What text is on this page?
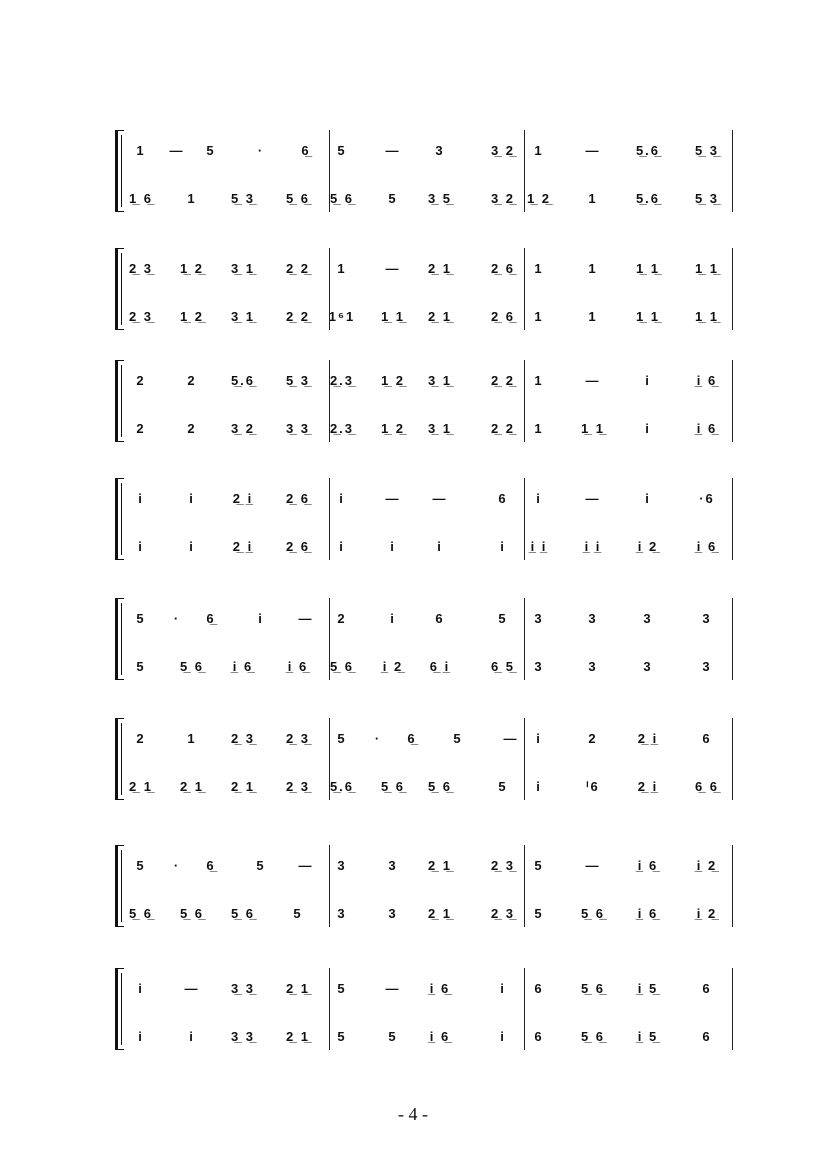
1	—	5	·	6̲	5	—	3	3̲ 2̲	1	—	5̲.6̲	5̲ 3̲
1̲ 6̲	1	5̲ 3̲	5̲ 6̲	5̲ 6̲	5	3̲ 5̲	3̲ 2̲ 1̲ 2̲	1	5̲.6̲	5̲ 3̲
2̲ 3̲	1̲ 2̲	3̲ 1̲	2̲ 2̲	1	—	2̲ 1̲	2̲ 6̲	1	1	1̲ 1̲	1̲ 1̲
2̲ 3̲	1̲ 2̲	3̲ 1̲	2̲ 2̲	1⁶1	1̲ 1̲	2̲ 1̲	2̲ 6̲	1	1	1̲ 1̲	1̲ 1̲
2	2	5̲.6̲	5̲ 3̲	2̲.3̲	1̲ 2̲	3̲ 1̲	2̲ 2̲	1	—	i	i̲ 6̲
2	2	3̲ 2̲	3̲ 3̲	2̲.3̲	1̲ 2̲	3̲ 1̲	2̲ 2̲	1	1̲ 1̲	i	i̲ 6̲
i	i	2̲ i̲	2̲ 6̲	i	—	—	6	i	—	i	·6
i	i	2̲ i̲	2̲ 6̲	i	i	i	i	i̲ i̲	i̲ i̲	i̲ 2̲	i̲ 6̲
5	·	6̲	i	—	2	i	6	5	3	3	3	3
5	5̲ 6̲	i̲ 6̲	i̲ 6̲	5̲ 6̲	i̲ 2̲	6̲ i̲	6̲ 5̲	3	3	3	3
2	1	2̲ 3̲	2̲ 3̲	5	·	6̲	5	—	i	2	2̲ i̲	6
2̲ 1̲	2̲ 1̲	2̲ 1̲	2̲ 3̲	5̲.6̲	5̲ 6̲	5̲ 6̲	5	i	ⁱ6	2̲ i̲	6̲ 6̲
5	·	6̲	5	—	3	3	2̲ 1̲	2̲ 3̲	5	—	i̲ 6̲	i̲ 2̲
5̲ 6̲	5̲ 6̲	5̲ 6̲	5	3	3	2̲ 1̲	2̲ 3̲	5	5̲ 6̲	i̲ 6̲	i̲ 2̲
i	—	3̲ 3̲	2̲ 1̲	5	—	i̲ 6̲	i	6	5̲ 6̲	i̲ 5̲	6
i	i	3̲ 3̲	2̲ 1̲	5	5	i̲ 6̲	i	6	5̲ 6̲	i̲ 5̲	6
- 4 -
